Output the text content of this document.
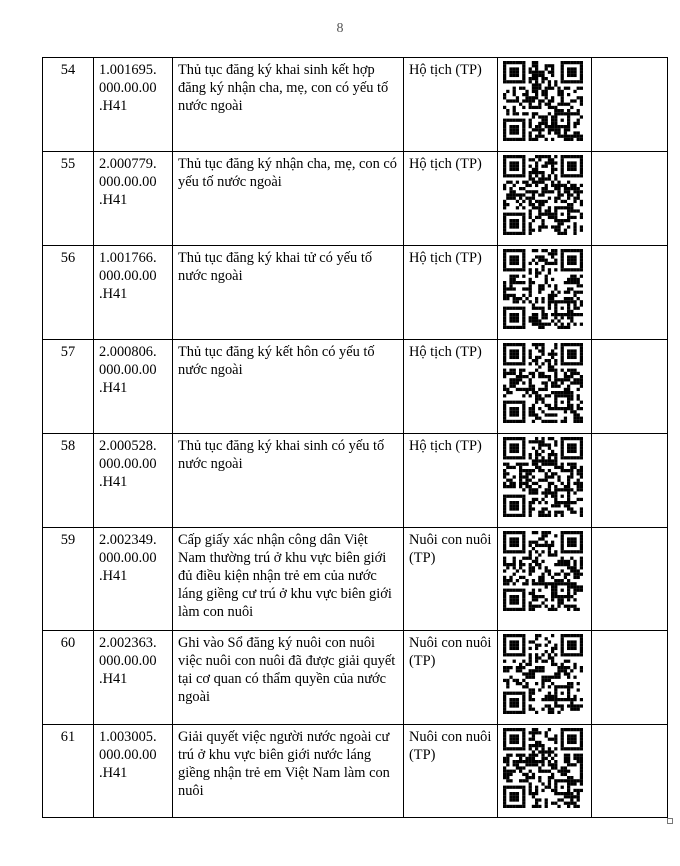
8
54	1.001695.
000.00.00
.H41	Thủ tục đăng ký khai sinh kết hợp đăng ký nhận cha, mẹ, con có yếu tố nước ngoài	Hộ tịch (TP)	

55	2.000779.
000.00.00
.H41	Thủ tục đăng ký nhận cha, mẹ, con có yếu tố nước ngoài	Hộ tịch (TP)	

56	1.001766.
000.00.00
.H41	Thủ tục đăng ký khai tử có yếu tố nước ngoài	Hộ tịch (TP)	

57	2.000806.
000.00.00
.H41	Thủ tục đăng ký kết hôn có yếu tố nước ngoài	Hộ tịch (TP)	

58	2.000528.
000.00.00
.H41	Thủ tục đăng ký khai sinh có yếu tố nước ngoài	Hộ tịch (TP)	

59	2.002349.
000.00.00
.H41	Cấp giấy xác nhận công dân Việt Nam thường trú ở khu vực biên giới đủ điều kiện nhận trẻ em của nước láng giềng cư trú ở khu vực biên giới làm con nuôi	Nuôi con nuôi (TP)	

60	2.002363.
000.00.00
.H41	Ghi vào Sổ đăng ký nuôi con nuôi việc nuôi con nuôi đã được giải quyết tại cơ quan có thẩm quyền của nước ngoài	Nuôi con nuôi (TP)	

61	1.003005.
000.00.00
.H41	Giải quyết việc người nước ngoài cư trú ở khu vực biên giới nước láng giềng nhận trẻ em Việt Nam làm con nuôi	Nuôi con nuôi (TP)	
